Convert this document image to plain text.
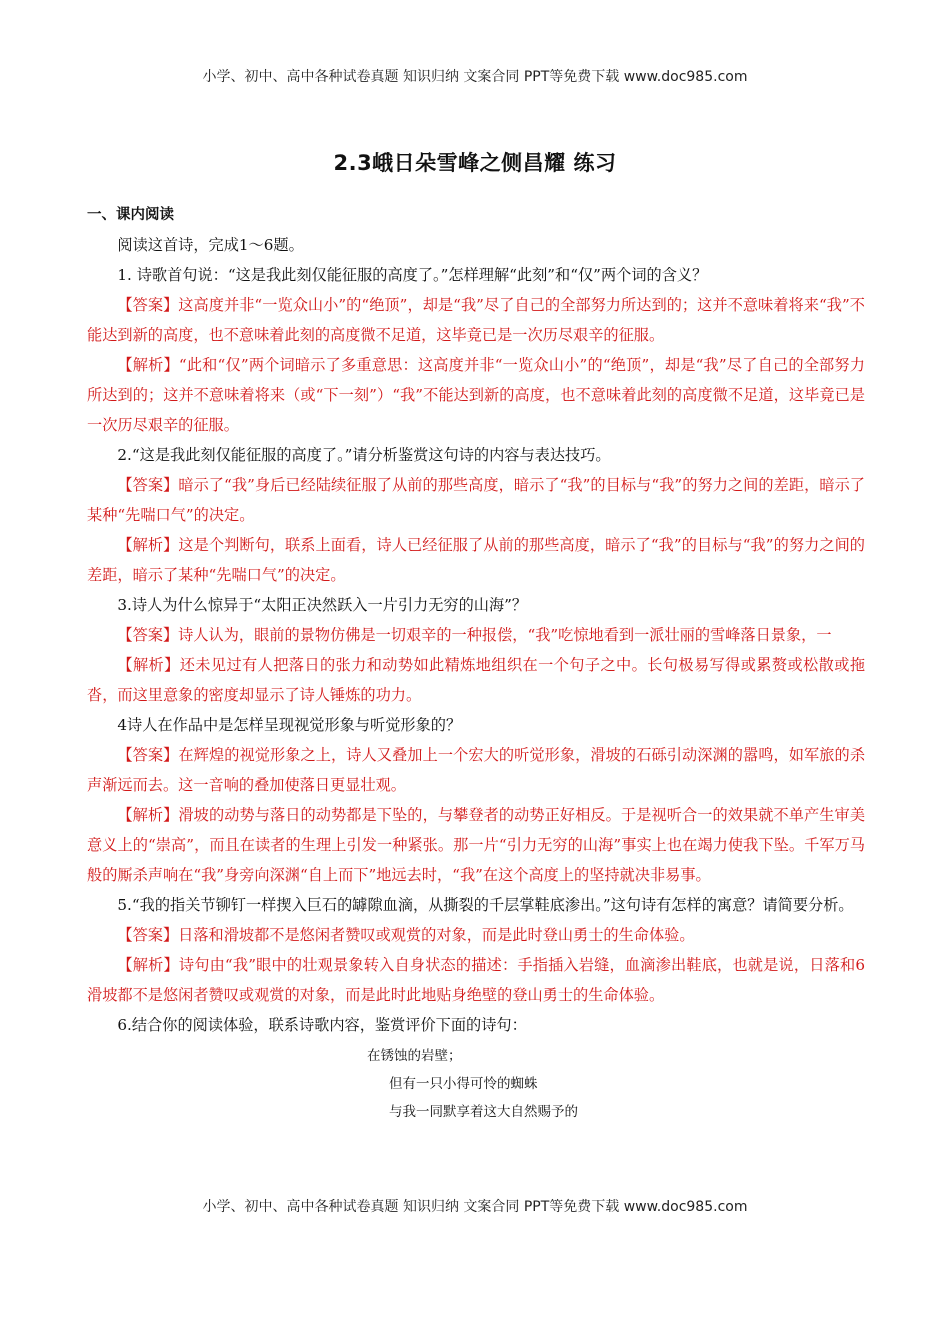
小学、初中、高中各种试卷真题 知识归纳 文案合同 PPT等免费下载 www.doc985.com
2.3峨日朵雪峰之侧昌耀 练习
一、课内阅读

阅读这首诗，完成1～6题。

1. 诗歌首句说：“这是我此刻仅能征服的高度了。”怎样理解“此刻”和“仅”两个词的含义？

【答案】这高度并非“一览众山小”的“绝顶”，却是“我”尽了自己的全部努力所达到的；这并不意味着将来“我”不能达到新的高度，也不意味着此刻的高度微不足道，这毕竟已是一次历尽艰辛的征服。

【解析】“此和“仅”两个词暗示了多重意思：这高度并非“一览众山小”的“绝顶”，却是“我”尽了自己的全部努力所达到的；这并不意味着将来（或“下一刻”）“我”不能达到新的高度，也不意味着此刻的高度微不足道，这毕竟已是一次历尽艰辛的征服。

2.“这是我此刻仅能征服的高度了。”请分析鉴赏这句诗的内容与表达技巧。

【答案】暗示了“我”身后已经陆续征服了从前的那些高度，暗示了“我”的目标与“我”的努力之间的差距，暗示了某种“先喘口气”的决定。

【解析】这是个判断句，联系上面看，诗人已经征服了从前的那些高度，暗示了“我”的目标与“我”的努力之间的差距，暗示了某种“先喘口气”的决定。

3.诗人为什么惊异于“太阳正决然跃入一片引力无穷的山海”？

【答案】诗人认为，眼前的景物仿佛是一切艰辛的一种报偿，“我”吃惊地看到一派壮丽的雪峰落日景象，一

【解析】还未见过有人把落日的张力和动势如此精炼地组织在一个句子之中。长句极易写得或累赘或松散或拖沓，而这里意象的密度却显示了诗人锤炼的功力。

4诗人在作品中是怎样呈现视觉形象与听觉形象的？

【答案】在辉煌的视觉形象之上，诗人又叠加上一个宏大的听觉形象，滑坡的石砾引动深渊的嚣鸣，如军旅的杀声渐远而去。这一音响的叠加使落日更显壮观。

【解析】滑坡的动势与落日的动势都是下坠的，与攀登者的动势正好相反。于是视听合一的效果就不单产生审美意义上的“崇高”，而且在读者的生理上引发一种紧张。那一片“引力无穷的山海”事实上也在竭力使我下坠。千军万马般的厮杀声响在“我”身旁向深渊“自上而下”地远去时，“我”在这个高度上的坚持就决非易事。

5.“我的指关节铆钉一样揳入巨石的罅隙血滴，从撕裂的千层掌鞋底渗出。”这句诗有怎样的寓意？请简要分析。

【答案】日落和滑坡都不是悠闲者赞叹或观赏的对象，而是此时登山勇士的生命体验。

【解析】诗句由“我”眼中的壮观景象转入自身状态的描述：手指插入岩缝，血滴渗出鞋底，也就是说，日落和6滑坡都不是悠闲者赞叹或观赏的对象，而是此时此地贴身绝壁的登山勇士的生命体验。

6.结合你的阅读体验，联系诗歌内容，鉴赏评价下面的诗句：

在锈蚀的岩壁；
但有一只小得可怜的蜘蛛
与我一同默享着这大自然赐予的
小学、初中、高中各种试卷真题 知识归纳 文案合同 PPT等免费下载 www.doc985.com
